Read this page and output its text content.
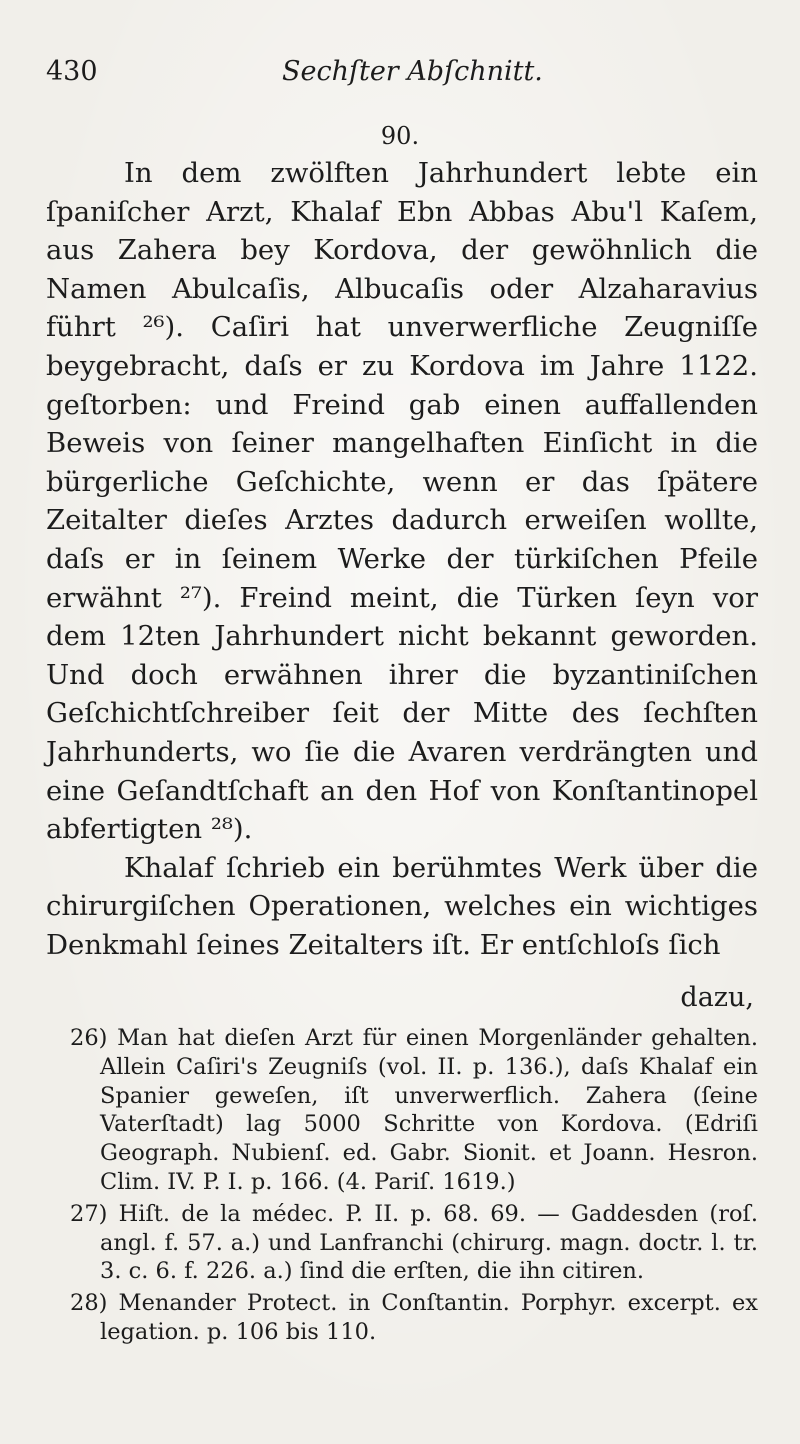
430	Sechſter Abſchnitt.
90.

In dem zwölften Jahrhundert lebte ein ſpaniſcher Arzt, Khalaf Ebn Abbas Abu'l Kaſem, aus Zahera bey Kordova, der gewöhnlich die Namen Abulcaſis, Albucaſis oder Alzaharavius führt ²⁶). Caſiri hat unverwerfliche Zeugniſſe beygebracht, daſs er zu Kordova im Jahre 1122. geſtorben: und Freind gab einen auffallenden Beweis von ſeiner mangelhaften Einſicht in die bürgerliche Geſchichte, wenn er das ſpätere Zeitalter dieſes Arztes dadurch erweiſen wollte, daſs er in ſeinem Werke der türkiſchen Pfeile erwähnt ²⁷). Freind meint, die Türken ſeyn vor dem 12ten Jahrhundert nicht bekannt geworden. Und doch erwähnen ihrer die byzantiniſchen Geſchichtſchreiber ſeit der Mitte des ſechſten Jahrhunderts, wo ſie die Avaren verdrängten und eine Geſandtſchaft an den Hof von Konſtantinopel abfertigten ²⁸).

Khalaf ſchrieb ein berühmtes Werk über die chirurgiſchen Operationen, welches ein wichtiges Denkmahl ſeines Zeitalters iſt. Er entſchloſs ſich

dazu,

26) Man hat dieſen Arzt für einen Morgenländer gehalten. Allein Caſiri's Zeugniſs (vol. II. p. 136.), daſs Khalaf ein Spanier geweſen, iſt unverwerflich. Zahera (ſeine Vaterſtadt) lag 5000 Schritte von Kordova. (Edriſi Geograph. Nubienſ. ed. Gabr. Sionit. et Joann. Hesron. Clim. IV. P. I. p. 166. (4. Pariſ. 1619.)

27) Hiſt. de la médec. P. II. p. 68. 69. — Gaddesden (roſ. angl. f. 57. a.) und Lanfranchi (chirurg. magn. doctr. l. tr. 3. c. 6. f. 226. a.) ſind die erſten, die ihn citiren.

28) Menander Protect. in Conſtantin. Porphyr. excerpt. ex legation. p. 106 bis 110.
